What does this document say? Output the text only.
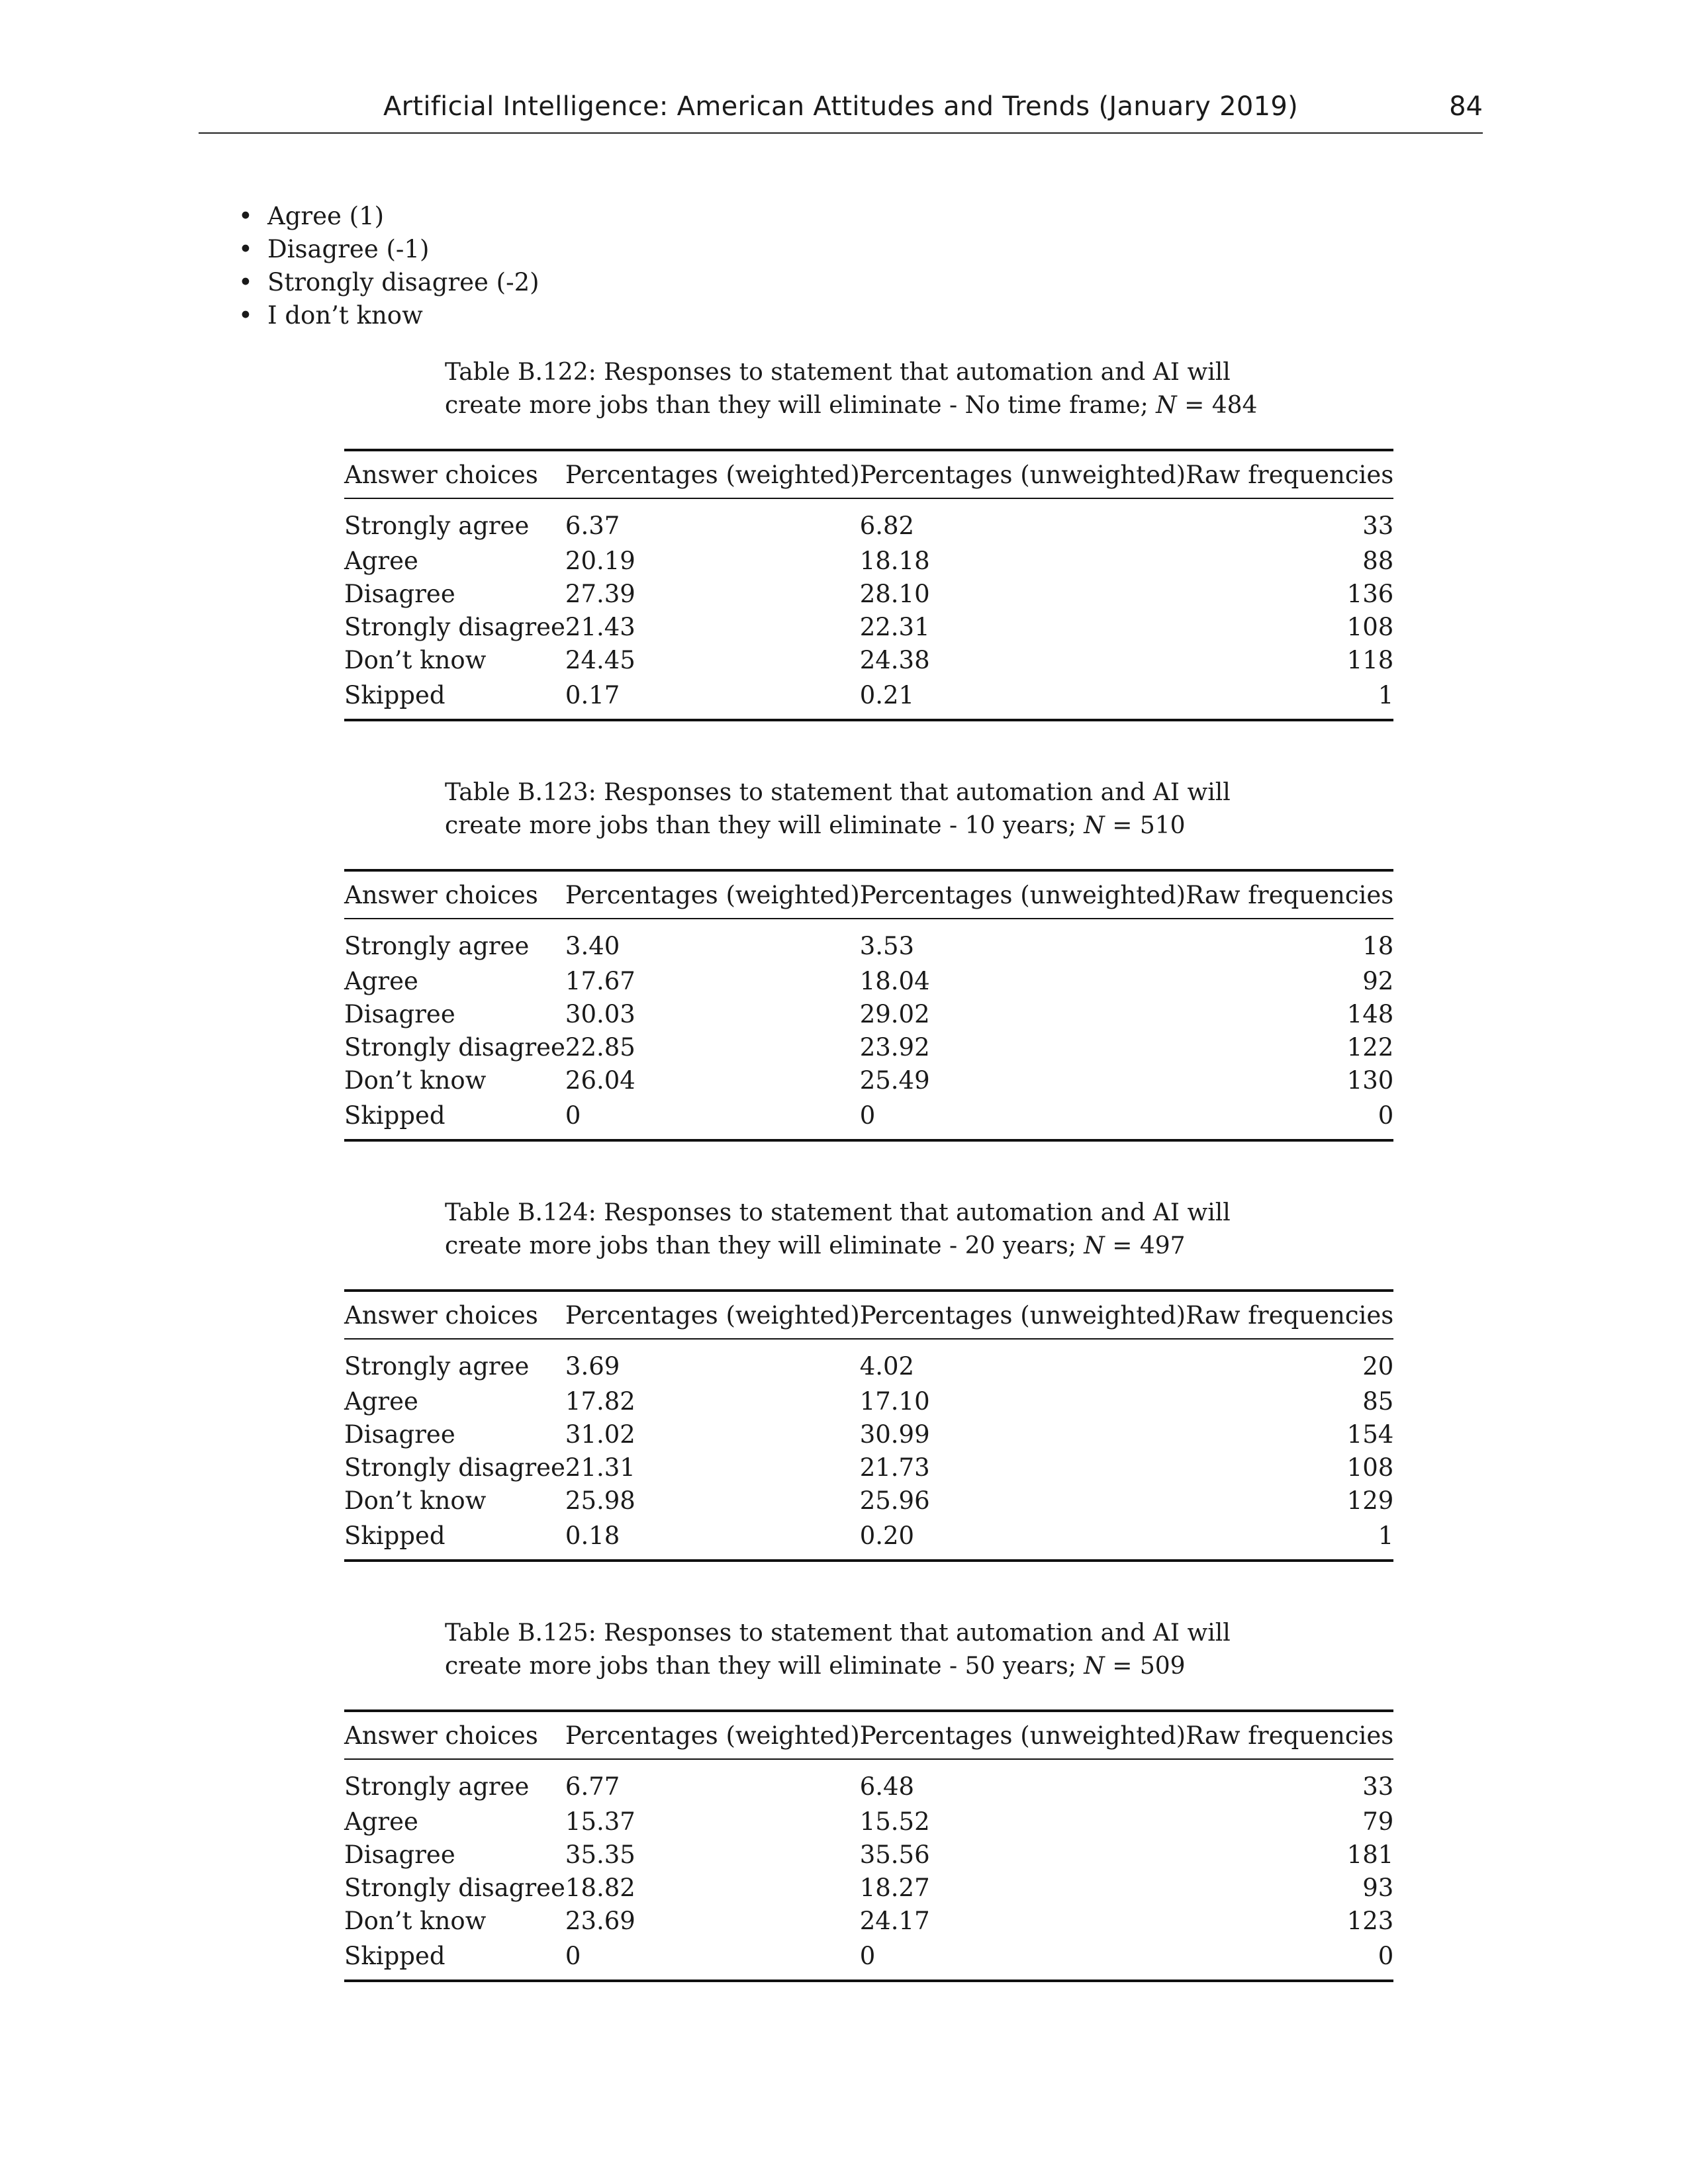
Artificial Intelligence: American Attitudes and Trends (January 2019)	84
• Agree (1)
• Disagree (-1)
• Strongly disagree (-2)
• I don’t know
Table B.122: Responses to statement that automation and AI will create more jobs than they will eliminate - No time frame; N = 484
Answer choices	Percentages (weighted)	Percentages (unweighted)	Raw frequencies
Strongly agree	6.37	6.82	33
Agree	20.19	18.18	88
Disagree	27.39	28.10	136
Strongly disagree	21.43	22.31	108
Don’t know	24.45	24.38	118
Skipped	0.17	0.21	1
Table B.123: Responses to statement that automation and AI will create more jobs than they will eliminate - 10 years; N = 510
Answer choices	Percentages (weighted)	Percentages (unweighted)	Raw frequencies
Strongly agree	3.40	3.53	18
Agree	17.67	18.04	92
Disagree	30.03	29.02	148
Strongly disagree	22.85	23.92	122
Don’t know	26.04	25.49	130
Skipped	0	0	0
Table B.124: Responses to statement that automation and AI will create more jobs than they will eliminate - 20 years; N = 497
Answer choices	Percentages (weighted)	Percentages (unweighted)	Raw frequencies
Strongly agree	3.69	4.02	20
Agree	17.82	17.10	85
Disagree	31.02	30.99	154
Strongly disagree	21.31	21.73	108
Don’t know	25.98	25.96	129
Skipped	0.18	0.20	1
Table B.125: Responses to statement that automation and AI will create more jobs than they will eliminate - 50 years; N = 509
Answer choices	Percentages (weighted)	Percentages (unweighted)	Raw frequencies
Strongly agree	6.77	6.48	33
Agree	15.37	15.52	79
Disagree	35.35	35.56	181
Strongly disagree	18.82	18.27	93
Don’t know	23.69	24.17	123
Skipped	0	0	0
